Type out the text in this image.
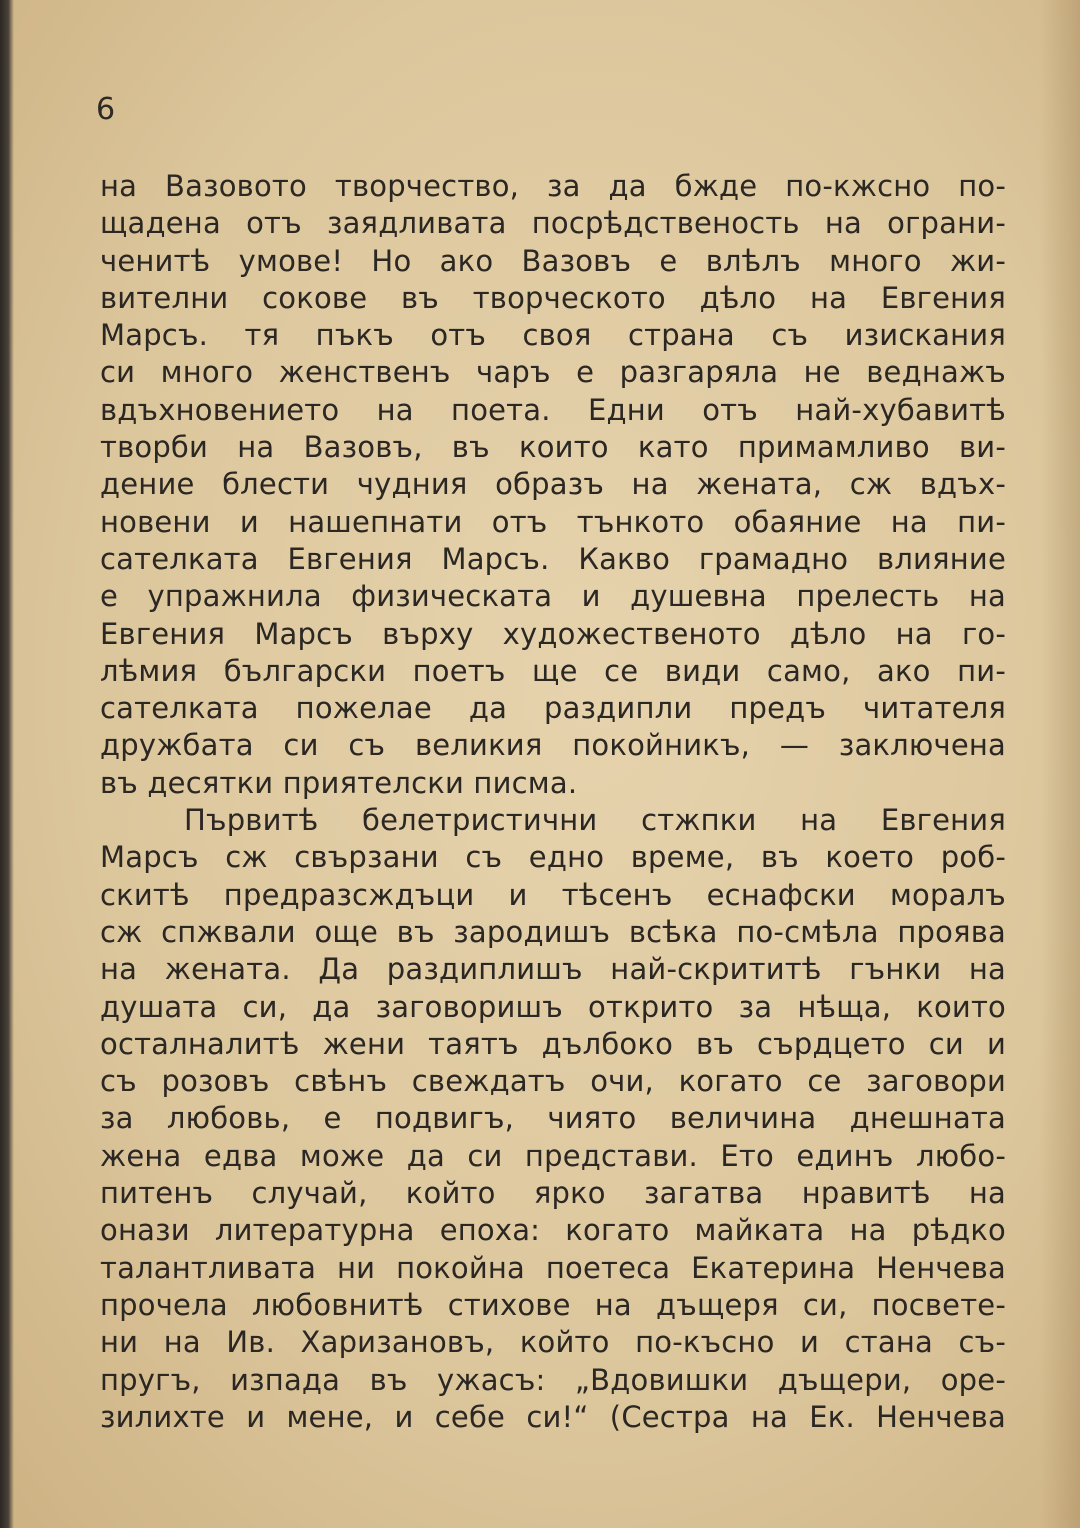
6
на Вазовото творчество, за да бжде по-кжсно по-
щадена отъ заядливата посрѣдственость на ограни-
ченитѣ умове! Но ако Вазовъ е влѣлъ много жи-
вителни сокове въ творческото дѣло на Евгения
Марсъ. тя пъкъ отъ своя страна съ изискания
си много женственъ чаръ е разгаряла не веднажъ
вдъхновението на поета. Едни отъ най-хубавитѣ
творби на Вазовъ, въ които като примамливо ви-
дение блести чудния образъ на жената, сж вдъх-
новени и нашепнати отъ тънкото обаяние на пи-
сателката Евгения Марсъ. Какво грамадно влияние
е упражнила физическата и душевна прелесть на
Евгения Марсъ върху художественото дѣло на го-
лѣмия български поетъ ще се види само, ако пи-
сателката пожелае да раздипли предъ читателя
дружбата си съ великия покойникъ, — заключена
въ десятки приятелски писма.
Първитѣ белетристични стжпки на Евгения
Марсъ сж свързани съ едно време, въ което роб-
скитѣ предразсждъци и тѣсенъ еснафски моралъ
сж спжвали още въ зародишъ всѣка по-смѣла проява
на жената. Да раздиплишъ най-скрититѣ гънки на
душата си, да заговоришъ открито за нѣща, които
осталналитѣ жени таятъ дълбоко въ сърдцето си и
съ розовъ свѣнъ свеждатъ очи, когато се заговори
за любовь, е подвигъ, чиято величина днешната
жена едва може да си представи. Ето единъ любо-
питенъ случай, който ярко загатва нравитѣ на
онази литературна епоха: когато майката на рѣдко
талантливата ни покойна поетеса Екатерина Ненчева
прочела любовнитѣ стихове на дъщеря си, посвете-
ни на Ив. Харизановъ, който по-късно и стана съ-
пругъ, изпада въ ужасъ: „Вдовишки дъщери, оре-
зилихте и мене, и себе си!“ (Сестра на Ек. Ненчева
